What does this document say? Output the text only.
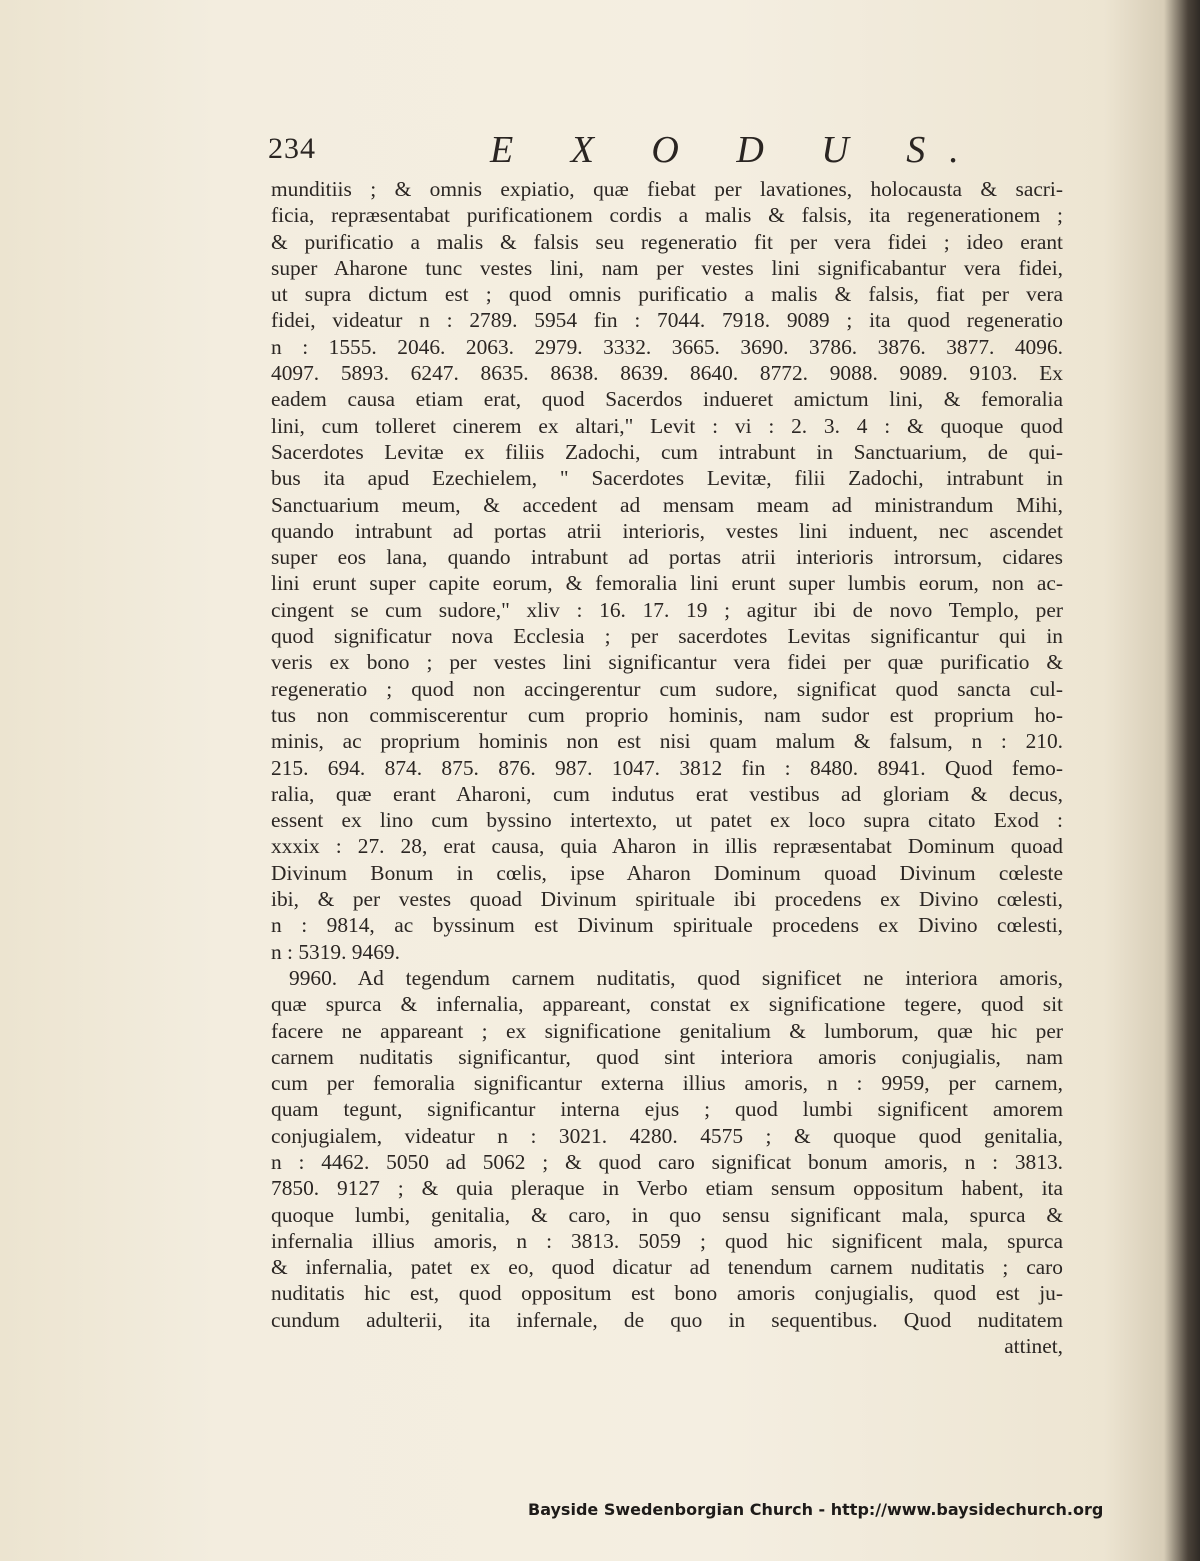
234	E X O D U S.
munditiis ; & omnis expiatio, quæ fiebat per lavationes, holocausta & sacri-
ficia, repræsentabat purificationem cordis a malis & falsis, ita regenerationem ;
& purificatio a malis & falsis seu regeneratio fit per vera fidei ; ideo erant
super Aharone tunc vestes lini, nam per vestes lini significabantur vera fidei,
ut supra dictum est ; quod omnis purificatio a malis & falsis, fiat per vera
fidei, videatur n : 2789. 5954 fin : 7044. 7918. 9089 ; ita quod regeneratio
n : 1555. 2046. 2063. 2979. 3332. 3665. 3690. 3786. 3876. 3877. 4096.
4097. 5893. 6247. 8635. 8638. 8639. 8640. 8772. 9088. 9089. 9103. Ex
eadem causa etiam erat, quod Sacerdos indueret amictum lini, & femoralia
lini, cum tolleret cinerem ex altari," Levit : vi : 2. 3. 4 : & quoque quod
Sacerdotes Levitæ ex filiis Zadochi, cum intrabunt in Sanctuarium, de qui-
bus ita apud Ezechielem, " Sacerdotes Levitæ, filii Zadochi, intrabunt in
Sanctuarium meum, & accedent ad mensam meam ad ministrandum Mihi,
quando intrabunt ad portas atrii interioris, vestes lini induent, nec ascendet
super eos lana, quando intrabunt ad portas atrii interioris introrsum, cidares
lini erunt super capite eorum, & femoralia lini erunt super lumbis eorum, non ac-
cingent se cum sudore," xliv : 16. 17. 19 ; agitur ibi de novo Templo, per
quod significatur nova Ecclesia ; per sacerdotes Levitas significantur qui in
veris ex bono ; per vestes lini significantur vera fidei per quæ purificatio &
regeneratio ; quod non accingerentur cum sudore, significat quod sancta cul-
tus non commiscerentur cum proprio hominis, nam sudor est proprium ho-
minis, ac proprium hominis non est nisi quam malum & falsum, n : 210.
215. 694. 874. 875. 876. 987. 1047. 3812 fin : 8480. 8941. Quod femo-
ralia, quæ erant Aharoni, cum indutus erat vestibus ad gloriam & decus,
essent ex lino cum byssino intertexto, ut patet ex loco supra citato Exod :
xxxix : 27. 28, erat causa, quia Aharon in illis repræsentabat Dominum quoad
Divinum Bonum in cœlis, ipse Aharon Dominum quoad Divinum cœleste
ibi, & per vestes quoad Divinum spirituale ibi procedens ex Divino cœlesti,
n : 9814, ac byssinum est Divinum spirituale procedens ex Divino cœlesti,
n : 5319. 9469.
9960. Ad tegendum carnem nuditatis, quod significet ne interiora amoris,
quæ spurca & infernalia, appareant, constat ex significatione tegere, quod sit
facere ne appareant ; ex significatione genitalium & lumborum, quæ hic per
carnem nuditatis significantur, quod sint interiora amoris conjugialis, nam
cum per femoralia significantur externa illius amoris, n : 9959, per carnem,
quam tegunt, significantur interna ejus ; quod lumbi significent amorem
conjugialem, videatur n : 3021. 4280. 4575 ; & quoque quod genitalia,
n : 4462. 5050 ad 5062 ; & quod caro significat bonum amoris, n : 3813.
7850. 9127 ; & quia pleraque in Verbo etiam sensum oppositum habent, ita
quoque lumbi, genitalia, & caro, in quo sensu significant mala, spurca &
infernalia illius amoris, n : 3813. 5059 ; quod hic significent mala, spurca
& infernalia, patet ex eo, quod dicatur ad tenendum carnem nuditatis ; caro
nuditatis hic est, quod oppositum est bono amoris conjugialis, quod est ju-
cundum adulterii, ita infernale, de quo in sequentibus. Quod nuditatem
attinet,
Bayside Swedenborgian Church - http://www.baysidechurch.org
